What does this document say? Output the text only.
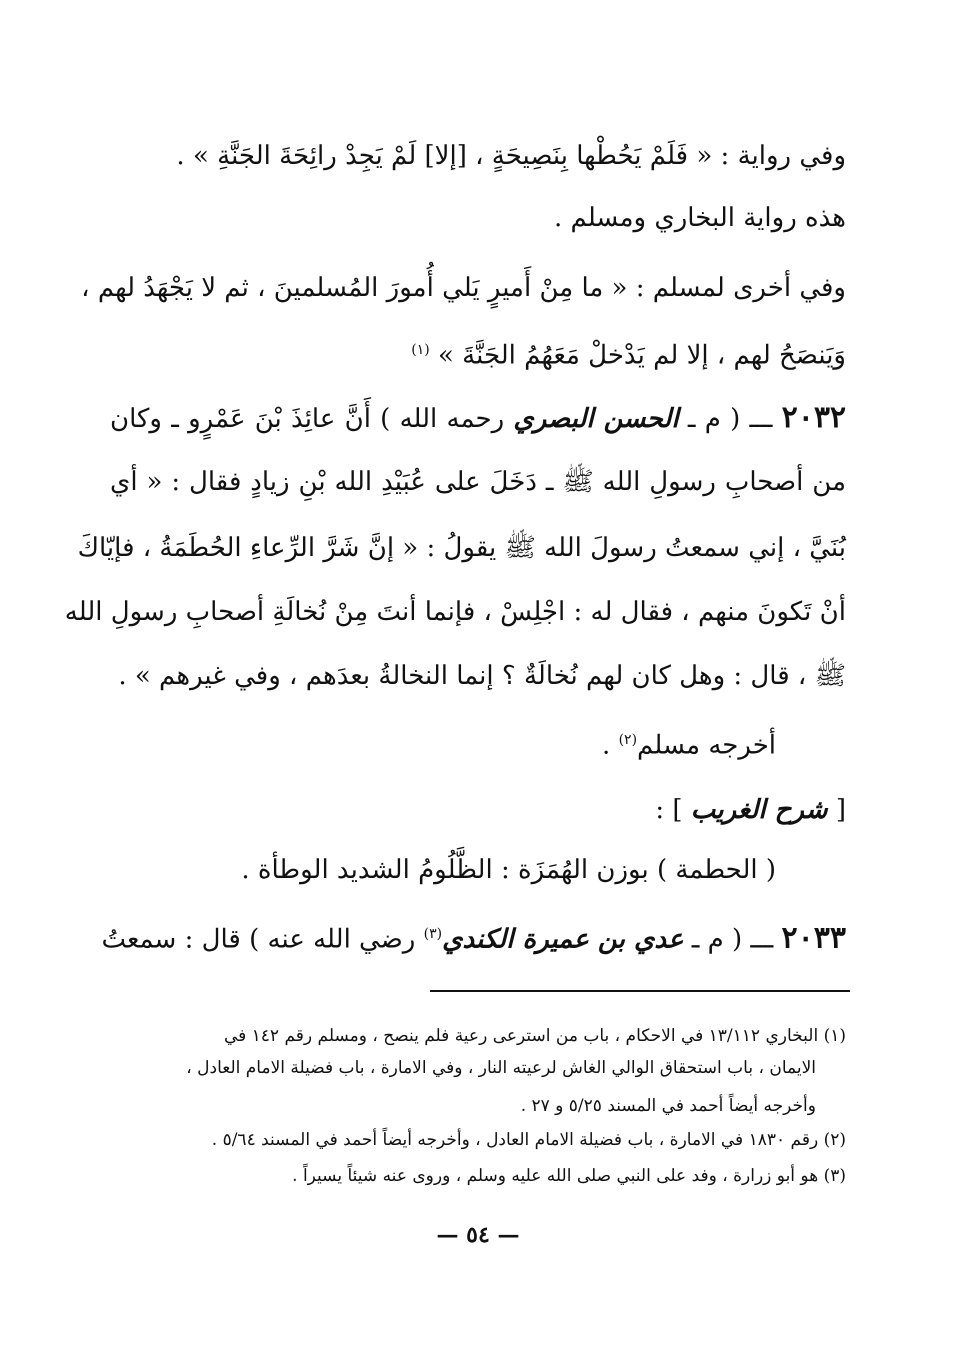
وفي رواية : « فَلَمْ يَحُطْها بِنَصِيحَةٍ ، [إلا] لَمْ يَجِدْ رائِحَةَ الجَنَّةِ » .
هذه رواية البخاري ومسلم .
وفي أخرى لمسلم : « ما مِنْ أَميرٍ يَلي أُمورَ المُسلمينَ ، ثم لا يَجْهَدُ لهم ،
وَيَنصَحُ لهم ، إلا لم يَدْخلْ مَعَهُمُ الجَنَّةَ » $^{(١)}$
٢٠٣٢ ـــ ( م ـ الحسن البصري رحمه الله ) أَنَّ عائِذَ بْنَ عَمْرٍو ـ وكان
من أصحابِ رسولِ الله ﷺ ـ دَخَلَ على عُبَيْدِ الله بْنِ زيادٍ فقال : « أي
بُنَيَّ ، إني سمعتُ رسولَ الله ﷺ يقولُ : « إنَّ شَرَّ الرِّعاءِ الحُطَمَةُ ، فإيّاكَ
أنْ تَكونَ منهم ، فقال له : اجْلِسْ ، فإنما أنتَ مِنْ نُخالَةِ أصحابِ رسولِ الله
ﷺ ، قال : وهل كان لهم نُخالَةٌ ؟ إنما النخالةُ بعدَهم ، وفي غيرهم » .
أخرجه مسلم$^{(٢)}$ .
[ شرح الغريب ] :
( الحطمة ) بوزن الهُمَزَة : الظَّلُومُ الشديد الوطأة .
٢٠٣٣ ـــ ( م ـ عدي بن عميرة الكندي$^{(٣)}$ رضي الله عنه ) قال : سمعتُ
(١) البخاري ١٣/١١٢ في الاحكام ، باب من استرعى رعية فلم ينصح ، ومسلم رقم ١٤٢ في
الايمان ، باب استحقاق الوالي الغاش لرعيته النار ، وفي الامارة ، باب فضيلة الامام العادل ،
وأخرجه أيضاً أحمد في المسند ٥/٢٥ و ٢٧ .
(٢) رقم ١٨٣٠ في الامارة ، باب فضيلة الامام العادل ، وأخرجه أيضاً أحمد في المسند ٥/٦٤ .
(٣) هو أبو زرارة ، وفد على النبي صلى الله عليه وسلم ، وروى عنه شيئاً يسيراً .
— ٥٤ —
